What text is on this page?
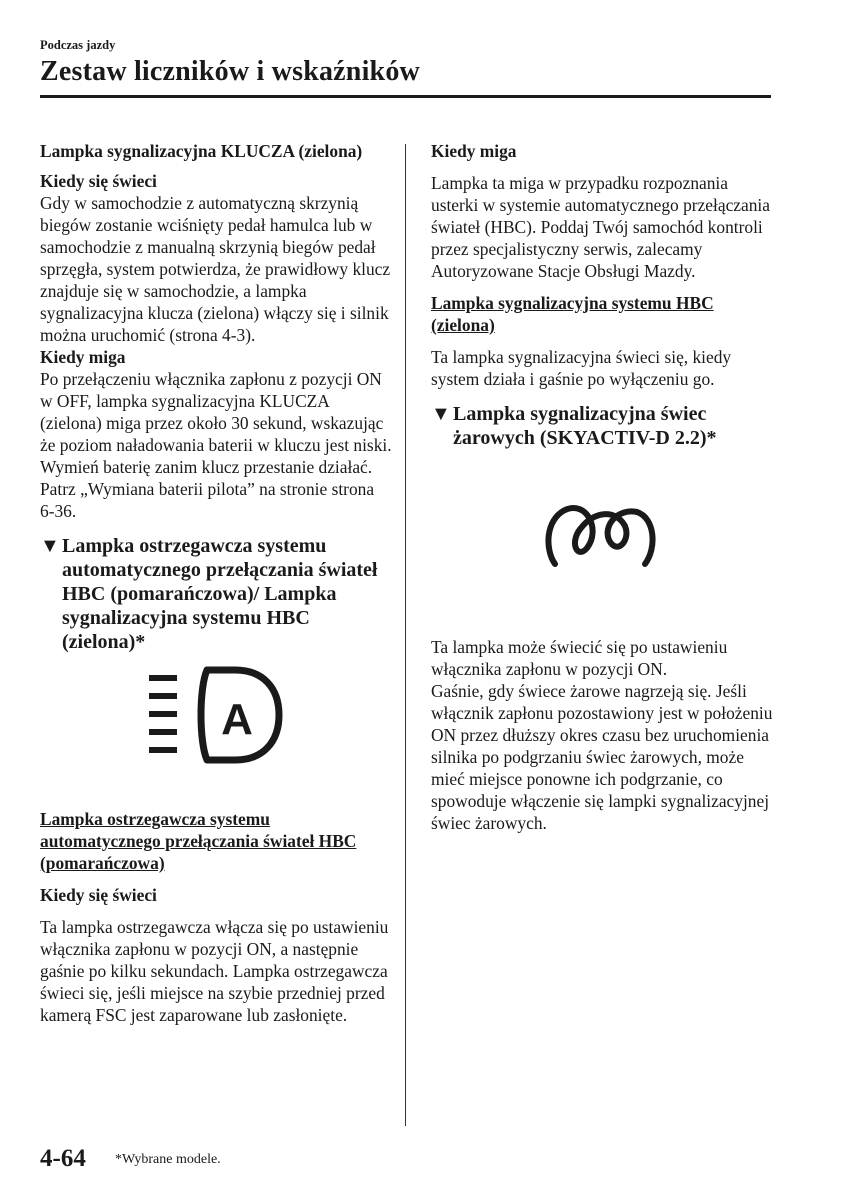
Podczas jazdy
Zestaw liczników i wskaźników

Lampka sygnalizacyjna KLUCZA (zielona)

Kiedy się świeci

Gdy w samochodzie z automatyczną skrzynią biegów zostanie wciśnięty pedał hamulca lub w samochodzie z manualną skrzynią biegów pedał sprzęgła, system potwierdza, że prawidłowy klucz znajduje się w samochodzie, a lampka sygnalizacyjna klucza (zielona) włączy się i silnik można uruchomić (strona 4-3).

Kiedy miga

Po przełączeniu włącznika zapłonu z pozycji ON w OFF, lampka sygnalizacyjna KLUCZA (zielona) miga przez około 30 sekund, wskazując że poziom naładowania baterii w kluczu jest niski. Wymień baterię zanim klucz przestanie działać.

Patrz „Wymiana baterii pilota” na stronie strona 6-36.

▼ Lampka ostrzegawcza systemu automatycznego przełączania świateł HBC (pomarańczowa)/ Lampka sygnalizacyjna systemu HBC (zielona)*
A

Lampka ostrzegawcza systemu automatycznego przełączania świateł HBC (pomarańczowa)

Kiedy się świeci

Ta lampka ostrzegawcza włącza się po ustawieniu włącznika zapłonu w pozycji ON, a następnie gaśnie po kilku sekundach. Lampka ostrzegawcza świeci się, jeśli miejsce na szybie przedniej przed kamerą FSC jest zaparowane lub zasłonięte.

Kiedy miga

Lampka ta miga w przypadku rozpoznania usterki w systemie automatycznego przełączania świateł (HBC). Poddaj Twój samochód kontroli przez specjalistyczny serwis, zalecamy Autoryzowane Stacje Obsługi Mazdy.

Lampka sygnalizacyjna systemu HBC (zielona)

Ta lampka sygnalizacyjna świeci się, kiedy system działa i gaśnie po wyłączeniu go.

▼ Lampka sygnalizacyjna świec żarowych (SKYACTIV-D 2.2)*

Ta lampka może świecić się po ustawieniu włącznika zapłonu w pozycji ON.

Gaśnie, gdy świece żarowe nagrzeją się. Jeśli włącznik zapłonu pozostawiony jest w położeniu ON przez dłuższy okres czasu bez uruchomienia silnika po podgrzaniu świec żarowych, może mieć miejsce ponowne ich podgrzanie, co spowoduje włączenie się lampki sygnalizacyjnej świec żarowych.

4-64 *Wybrane modele.
